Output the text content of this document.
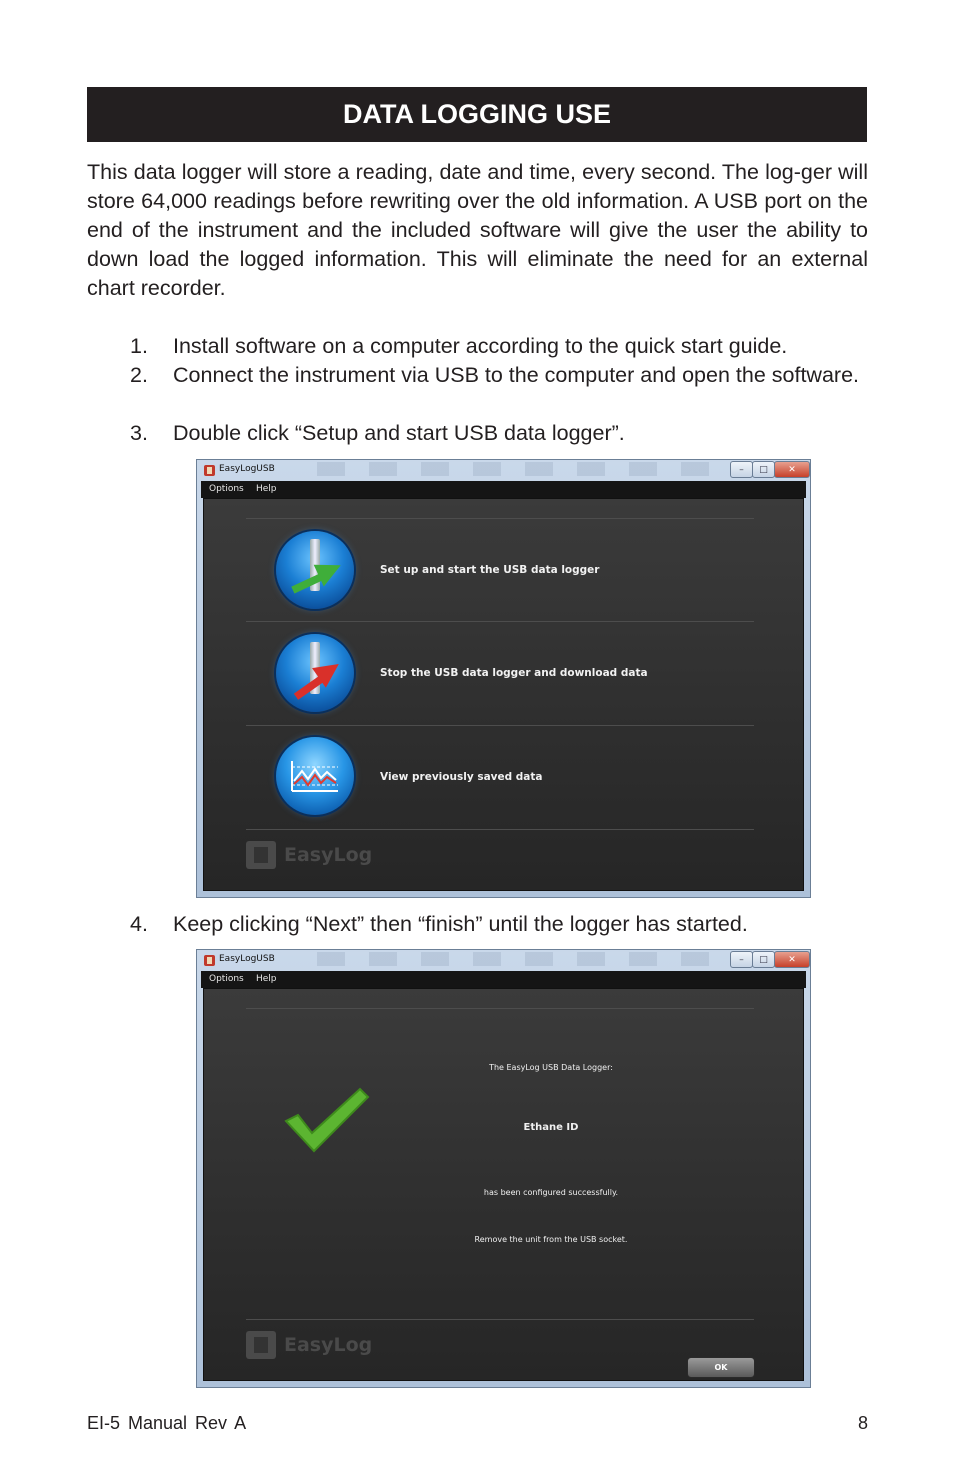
DATA LOGGING USE
This data logger will store a reading, date and time, every second. The log-ger will store 64,000 readings before rewriting over the old information. A USB port on the end of the instrument and the included software will give the user the ability to down load the logged information. This will eliminate the need for an external chart recorder.
1. Install software on a computer according to the quick start guide.
2. Connect the instrument via USB to the computer and open the software.
3. Double click “Setup and start USB data logger”.
EasyLogUSB	– □ ✕
Options Help
Set up and start the USB data logger
Stop the USB data logger and download data
View previously saved data
EasyLog
4. Keep clicking “Next” then “finish” until the logger has started.
EasyLogUSB	– □ ✕
Options Help
The EasyLog USB Data Logger:
Ethane ID
has been configured successfully.
Remove the unit from the USB socket.
EasyLog
OK
EI-5 Manual Rev A	8
